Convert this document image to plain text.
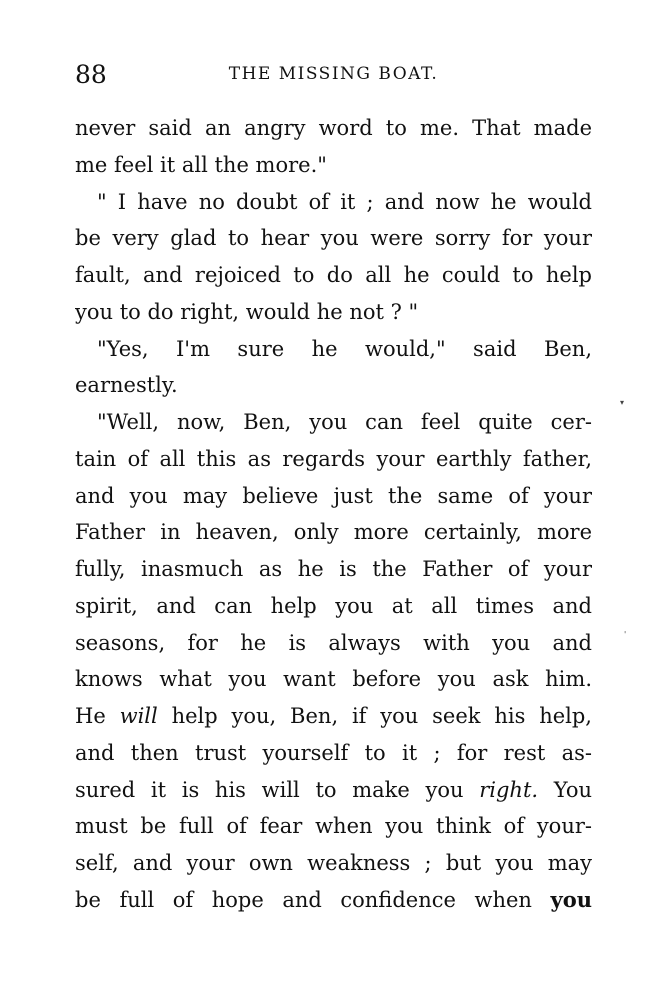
88	THE MISSING BOAT.
never said an angry word to me. That made
me feel it all the more."
" I have no doubt of it ; and now he would
be very glad to hear you were sorry for your
fault, and rejoiced to do all he could to help
you to do right, would he not ? "
"Yes, I'm sure he would," said Ben,
earnestly.
"Well, now, Ben, you can feel quite cer-
tain of all this as regards your earthly father,
and you may believe just the same of your
Father in heaven, only more certainly, more
fully, inasmuch as he is the Father of your
spirit, and can help you at all times and
seasons, for he is always with you and
knows what you want before you ask him.
He will help you, Ben, if you seek his help,
and then trust yourself to it ; for rest as-
sured it is his will to make you right. You
must be full of fear when you think of your-
self, and your own weakness ; but you may
be full of hope and confidence when you
▾
'
